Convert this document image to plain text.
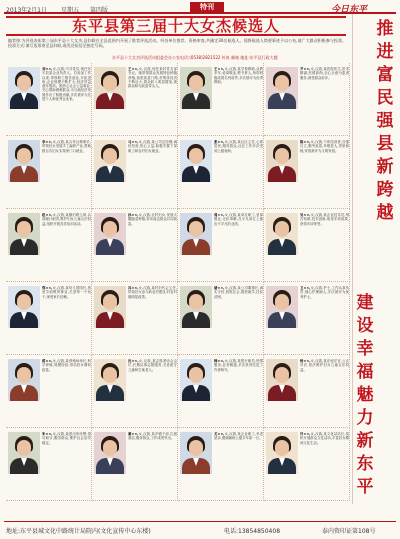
2013年2月1日 星期五 第四版	特刊	今日东平
东平县第三届十大女杰候选人
编者按:为评选表彰第三届东平县十大女杰,县妇联在全县范围内开展了推荐评选活动。经各单位推荐、资格审查,共确定30名候选人。现将候选人简要事迹予以公布,请广大群众积极参与投票。投票方式:填写选票寄至县妇联,或发送短信至指定号码。
东平县十大女杰评选活动组委会办公室电话:(0538)2821522 传真 邮箱 地址:东平县行政大楼
推进富民强县新跨越
建设幸福魅力新东平
刘××,女,汉族,中共党员,现任东平县某企业负责人。自参加工作以来,带领职工艰苦创业,开拓进取,企业规模不断扩大,经济效益逐年提高。她热心社会公益事业,关心帮助困难群众,为当地经济发展作出了积极贡献,多次被评为先进个人和优秀企业家。
王××,女,汉族,现任某村党支部书记。她带领群众发展特色种植养殖,拓宽致富门路,村集体经济不断壮大,群众收入明显增加,被群众称为致富带头人。
王××,女,汉族,某学校教师,从教多年,爱岗敬业,教书育人,所带班级成绩名列前茅,多次被评为优秀教师。
尹××,女,汉族,某医院医生,医术精湛,医德高尚,全心全意为患者服务,深受群众好评。
李××,女,汉族,某合作社理事长,带领妇女发展手工编织产业,帮助数百名妇女实现家门口就业。
马××,女,汉族,某公司总经理,诚信经营,热心公益,积极安置下岗职工和农村妇女就业。
张××,女,汉族,某社区主任,心系居民,服务群众,社区工作多次受到上级表彰。
陈××,女,汉族,个体经营者,自强自立,勤劳致富,孝敬老人,邻里和睦,家庭被评为文明家庭。
赵××,女,汉族,某镇妇联主席,认真履行职责,维护妇女儿童合法权益,组织开展各类培训活动。
孙××,女,汉族,农村妇女,发展大棚蔬菜种植,带动周边群众共同致富。
周××,女,汉族,某单位职工,爱岗敬业,无私奉献,在平凡岗位上做出不平凡的业绩。
吴××,女,汉族,某企业技术员,刻苦钻研,技术创新,取得多项成果,获得多项荣誉。
郑××,女,汉族,某幼儿园园长,热爱学前教育事业,关爱每一个孩子,深受家长信赖。
冯××,女,汉族,某村妇代会主任,带领妇女参与新农村建设,村容村貌明显改善。
褚××,女,汉族,某公司董事长,诚实守信,回报社会,捐资助学,扶贫济困。
卫××,女,汉族,护士,工作认真负责,细心护理病人,多次被评为优秀护士。
蒋××,女,汉族,某养殖场场长,科学养殖,规模经营,带动妇女增收致富。
沈××,女,汉族,某志愿者协会会长,长期从事志愿服务,关爱留守儿童和空巢老人。
韩××,女,汉族,某银行职员,热情服务,业务精通,多次获得先进工作者称号。
杨××,女,汉族,某法庭法官,公正司法,依法维护妇女儿童合法权益。
朱××,女,汉族,某派出所民警,恪尽职守,服务群众,维护社会治安稳定。
秦××,女,汉族,某乡镇干部,扎根基层,服务群众,工作成绩突出。
尤××,女,汉族,某企业职工,孝老爱亲,照顾瘫痪公婆多年如一日。
许××,女,汉族,某文化站站长,组织开展群众文化活动,丰富妇女精神文化生活。
地址:东平县城文化中路统计局院内(文化宣传中心东楼)	电话:13854850408	泰内资印证第108号
